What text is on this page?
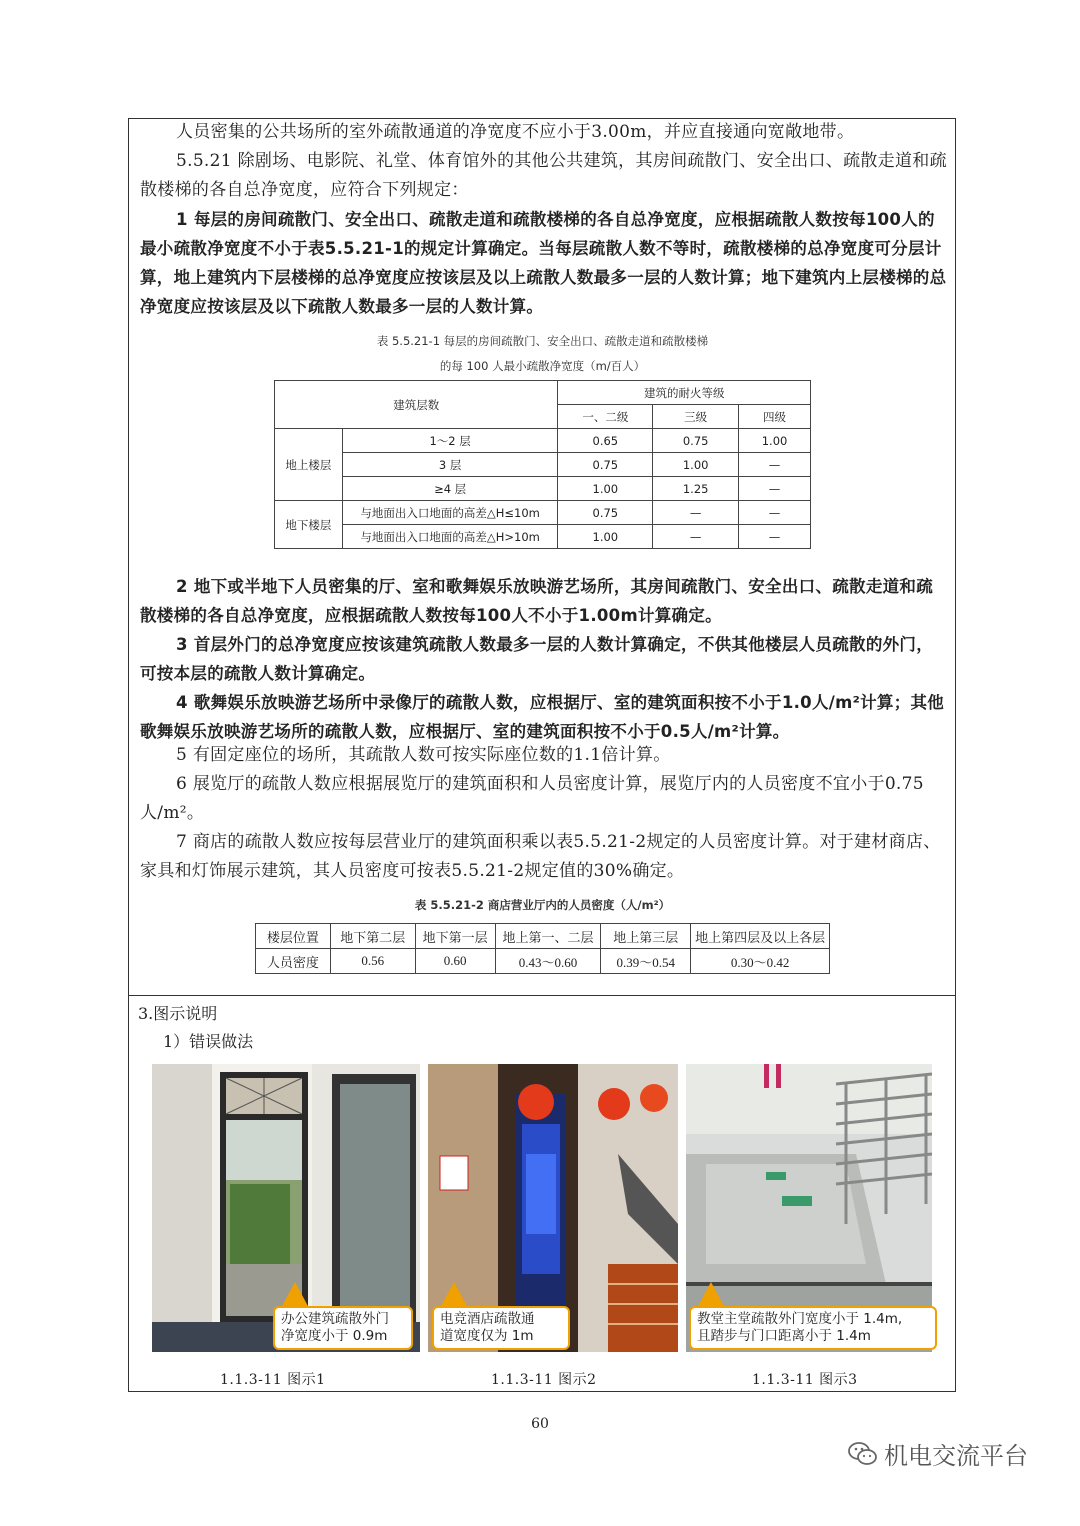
人员密集的公共场所的室外疏散通道的净宽度不应小于3.00m，并应直接通向宽敞地带。

5.5.21 除剧场、电影院、礼堂、体育馆外的其他公共建筑，其房间疏散门、安全出口、疏散走道和疏散楼梯的各自总净宽度，应符合下列规定：

1 每层的房间疏散门、安全出口、疏散走道和疏散楼梯的各自总净宽度，应根据疏散人数按每100人的最小疏散净宽度不小于表5.5.21-1的规定计算确定。当每层疏散人数不等时，疏散楼梯的总净宽度可分层计算，地上建筑内下层楼梯的总净宽度应按该层及以上疏散人数最多一层的人数计算；地下建筑内上层楼梯的总净宽度应按该层及以下疏散人数最多一层的人数计算。

表 5.5.21-1 每层的房间疏散门、安全出口、疏散走道和疏散楼梯
的每 100 人最小疏散净宽度（m/百人）
建筑层数		建筑的耐火等级		
		一、二级	三级	四级
地上楼层	1～2 层	0.65	0.75	1.00
	3 层	0.75	1.00	—
	≥4 层	1.00	1.25	—
地下楼层	与地面出入口地面的高差△H≤10m	0.75	—	—
	与地面出入口地面的高差△H>10m	1.00	—	—

2 地下或半地下人员密集的厅、室和歌舞娱乐放映游艺场所，其房间疏散门、安全出口、疏散走道和疏散楼梯的各自总净宽度，应根据疏散人数按每100人不小于1.00m计算确定。

3 首层外门的总净宽度应按该建筑疏散人数最多一层的人数计算确定，不供其他楼层人员疏散的外门，可按本层的疏散人数计算确定。

4 歌舞娱乐放映游艺场所中录像厅的疏散人数，应根据厅、室的建筑面积按不小于1.0人/m²计算；其他歌舞娱乐放映游艺场所的疏散人数，应根据厅、室的建筑面积按不小于0.5人/m²计算。

5 有固定座位的场所，其疏散人数可按实际座位数的1.1倍计算。

6 展览厅的疏散人数应根据展览厅的建筑面积和人员密度计算，展览厅内的人员密度不宜小于0.75人/m²。

7 商店的疏散人数应按每层营业厅的建筑面积乘以表5.5.21-2规定的人员密度计算。对于建材商店、家具和灯饰展示建筑，其人员密度可按表5.5.21-2规定值的30%确定。

表 5.5.21-2 商店营业厅内的人员密度（人/m²）
楼层位置	地下第二层	地下第一层	地上第一、二层	地上第三层	地上第四层及以上各层
人员密度	0.56	0.60	0.43～0.60	0.39～0.54	0.30～0.42
3.图示说明
1）错误做法
办公建筑疏散外门
净宽度小于 0.9m
电竞酒店疏散通
道宽度仅为 1m
教堂主堂疏散外门宽度小于 1.4m,
且踏步与门口距离小于 1.4m
1.1.3-11 图示1	1.1.3-11 图示2	1.1.3-11 图示3
60
机电交流平台
